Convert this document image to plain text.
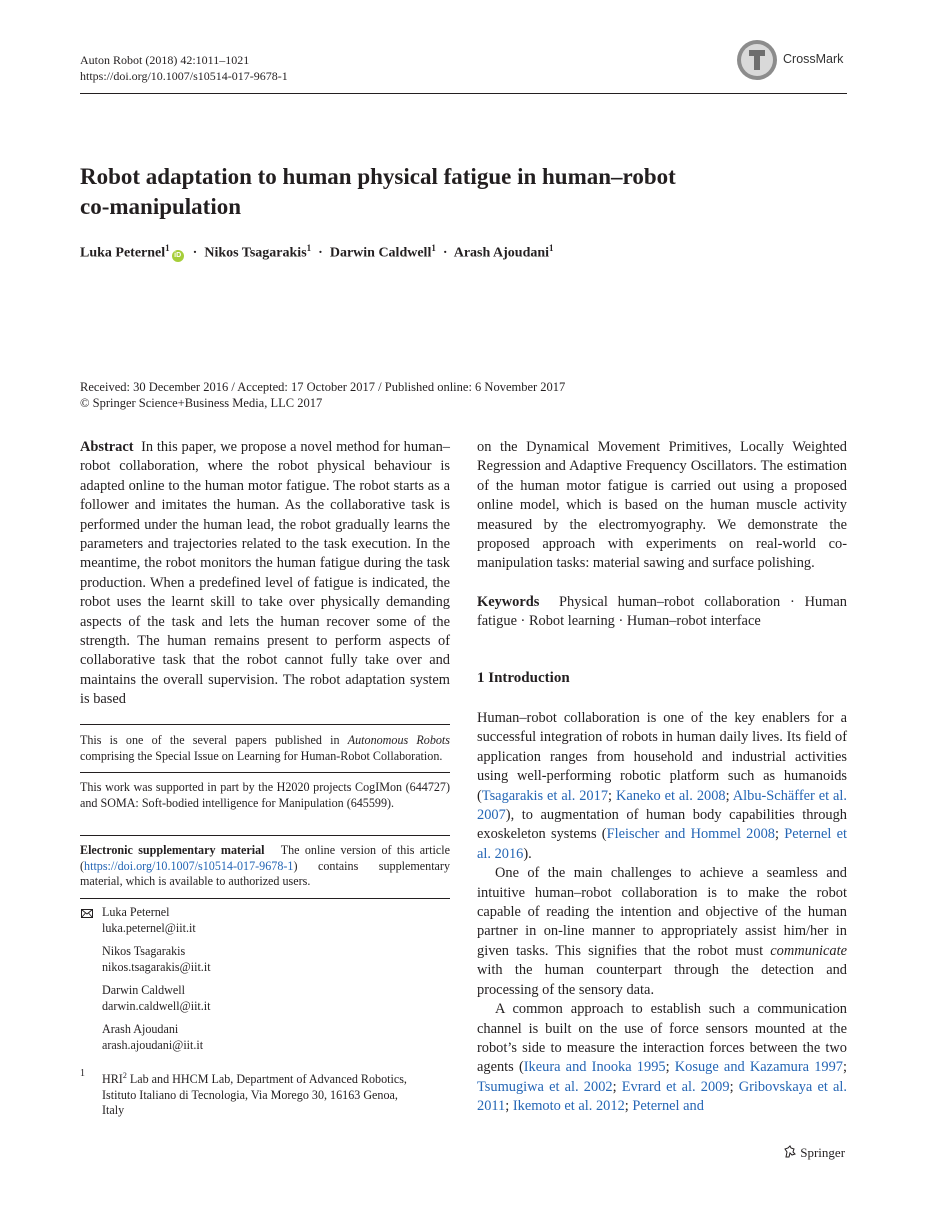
Auton Robot (2018) 42:1011–1021
https://doi.org/10.1007/s10514-017-9678-1
CrossMark
Robot adaptation to human physical fatigue in human–robot
co-manipulation
Luka Peternel$^1$iD  ·  Nikos Tsagarakis$^1$  ·  Darwin Caldwell$^1$  ·  Arash Ajoudani$^1$
Received: 30 December 2016 / Accepted: 17 October 2017 / Published online: 6 November 2017
© Springer Science+Business Media, LLC 2017

Abstract In this paper, we propose a novel method for human–robot collaboration, where the robot physical behaviour is adapted online to the human motor fatigue. The robot starts as a follower and imitates the human. As the collaborative task is performed under the human lead, the robot gradually learns the parameters and trajectories related to the task execution. In the meantime, the robot monitors the human fatigue during the task production. When a predefined level of fatigue is indicated, the robot uses the learnt skill to take over physically demanding aspects of the task and lets the human recover some of the strength. The human remains present to perform aspects of collaborative task that the robot cannot fully take over and maintains the overall supervision. The robot adaptation system is based

This is one of the several papers published in Autonomous Robots comprising the Special Issue on Learning for Human-Robot Collaboration.
This work was supported in part by the H2020 projects CogIMon (644727) and SOMA: Soft-bodied intelligence for Manipulation (645599).
Electronic supplementary material The online version of this article (https://doi.org/10.1007/s10514-017-9678-1) contains supplementary material, which is available to authorized users.
Luka Peternel
luka.peternel@iit.it
Nikos Tsagarakis
nikos.tsagarakis@iit.it
Darwin Caldwell
darwin.caldwell@iit.it
Arash Ajoudani
arash.ajoudani@iit.it
1 HRI$^2$ Lab and HHCM Lab, Department of Advanced Robotics, Istituto Italiano di Tecnologia, Via Morego 30, 16163 Genoa, Italy
on the Dynamical Movement Primitives, Locally Weighted Regression and Adaptive Frequency Oscillators. The estimation of the human motor fatigue is carried out using a proposed online model, which is based on the human muscle activity measured by the electromyography. We demonstrate the proposed approach with experiments on real-world co-manipulation tasks: material sawing and surface polishing.
Keywords Physical human–robot collaboration · Human fatigue · Robot learning · Human–robot interface
1 Introduction

Human–robot collaboration is one of the key enablers for a successful integration of robots in human daily lives. Its field of application ranges from household and industrial activities using well-performing robotic platform such as humanoids (Tsagarakis et al. 2017; Kaneko et al. 2008; Albu-Schäffer et al. 2007), to augmentation of human body capabilities through exoskeleton systems (Fleischer and Hommel 2008; Peternel et al. 2016).

One of the main challenges to achieve a seamless and intuitive human–robot collaboration is to make the robot capable of reading the intention and objective of the human partner in on-line manner to appropriately assist him/her in given tasks. This signifies that the robot must communicate with the human counterpart through the detection and processing of the sensory data.

A common approach to establish such a communication channel is built on the use of force sensors mounted at the robot’s side to measure the interaction forces between the two agents (Ikeura and Inooka 1995; Kosuge and Kazamura 1997; Tsumugiwa et al. 2002; Evrard et al. 2009; Gribovskaya et al. 2011; Ikemoto et al. 2012; Peternel and

Springer
